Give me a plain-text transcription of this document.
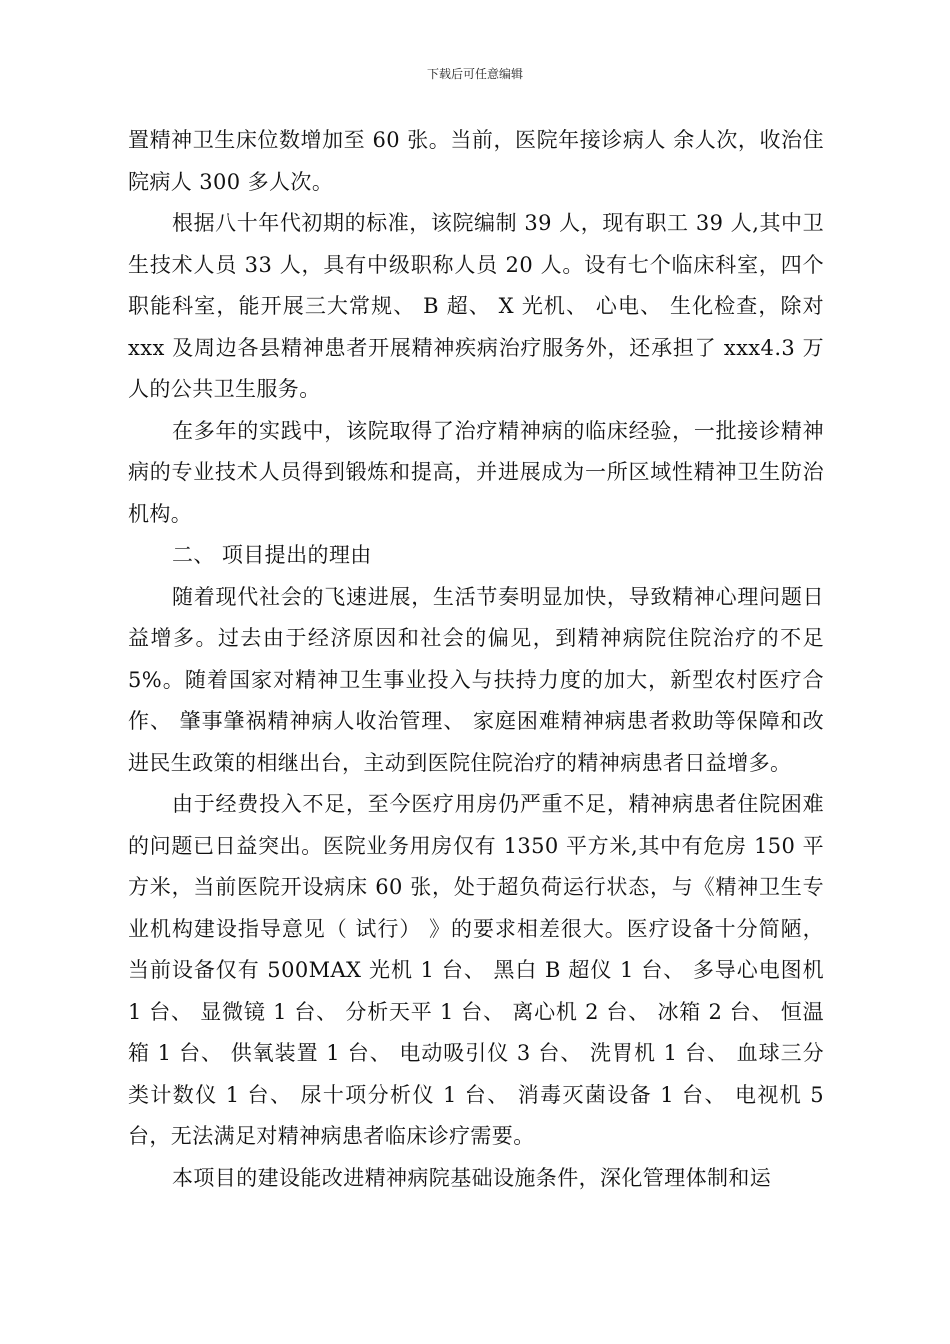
下载后可任意编辑

置精神卫生床位数增加至 60 张。当前，医院年接诊病人 余人次，收治住院病人 300 多人次。

根据八十年代初期的标准，该院编制 39 人，现有职工 39 人,其中卫生技术人员 33 人，具有中级职称人员 20 人。设有七个临床科室，四个职能科室，能开展三大常规、 B 超、 X 光机、 心电、 生化检查，除对 xxx 及周边各县精神患者开展精神疾病治疗服务外，还承担了 xxx4.3 万人的公共卫生服务。

在多年的实践中，该院取得了治疗精神病的临床经验，一批接诊精神病的专业技术人员得到锻炼和提高，并进展成为一所区域性精神卫生防治机构。

二、 项目提出的理由

随着现代社会的飞速进展，生活节奏明显加快，导致精神心理问题日益增多。过去由于经济原因和社会的偏见，到精神病院住院治疗的不足 5%。随着国家对精神卫生事业投入与扶持力度的加大，新型农村医疗合作、 肇事肇祸精神病人收治管理、 家庭困难精神病患者救助等保障和改进民生政策的相继出台，主动到医院住院治疗的精神病患者日益增多。

由于经费投入不足，至今医疗用房仍严重不足，精神病患者住院困难的问题已日益突出。医院业务用房仅有 1350 平方米,其中有危房 150 平方米，当前医院开设病床 60 张，处于超负荷运行状态，与《精神卫生专业机构建设指导意见（ 试行） 》的要求相差很大。医疗设备十分简陋，当前设备仅有 500MAX 光机 1 台、 黑白 B 超仪 1 台、 多导心电图机 1 台、 显微镜 1 台、 分析天平 1 台、 离心机 2 台、 冰箱 2 台、 恒温箱 1 台、 供氧装置 1 台、 电动吸引仪 3 台、 洗胃机 1 台、 血球三分类计数仪 1 台、 尿十项分析仪 1 台、 消毒灭菌设备 1 台、 电视机 5 台，无法满足对精神病患者临床诊疗需要。

本项目的建设能改进精神病院基础设施条件，深化管理体制和运
